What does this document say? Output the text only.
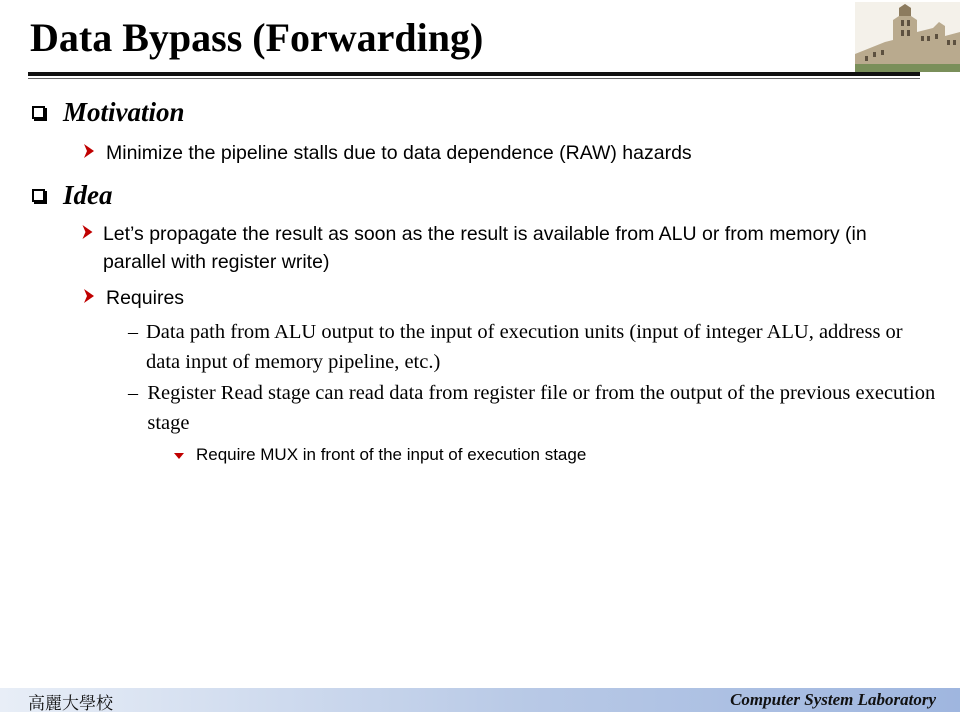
Data Bypass (Forwarding)
Motivation
Minimize the pipeline stalls due to data dependence (RAW) hazards
Idea
Let’s propagate the result as soon as the result is available from ALU or from memory (in parallel with register write)
Requires
– Data path from ALU output to the input of execution units (input of integer ALU, address or data input of memory pipeline, etc.)
– Register Read stage can read data from register file or from the output of the previous execution stage
Require MUX in front of the input of execution stage
高麗大學校	Computer System Laboratory
